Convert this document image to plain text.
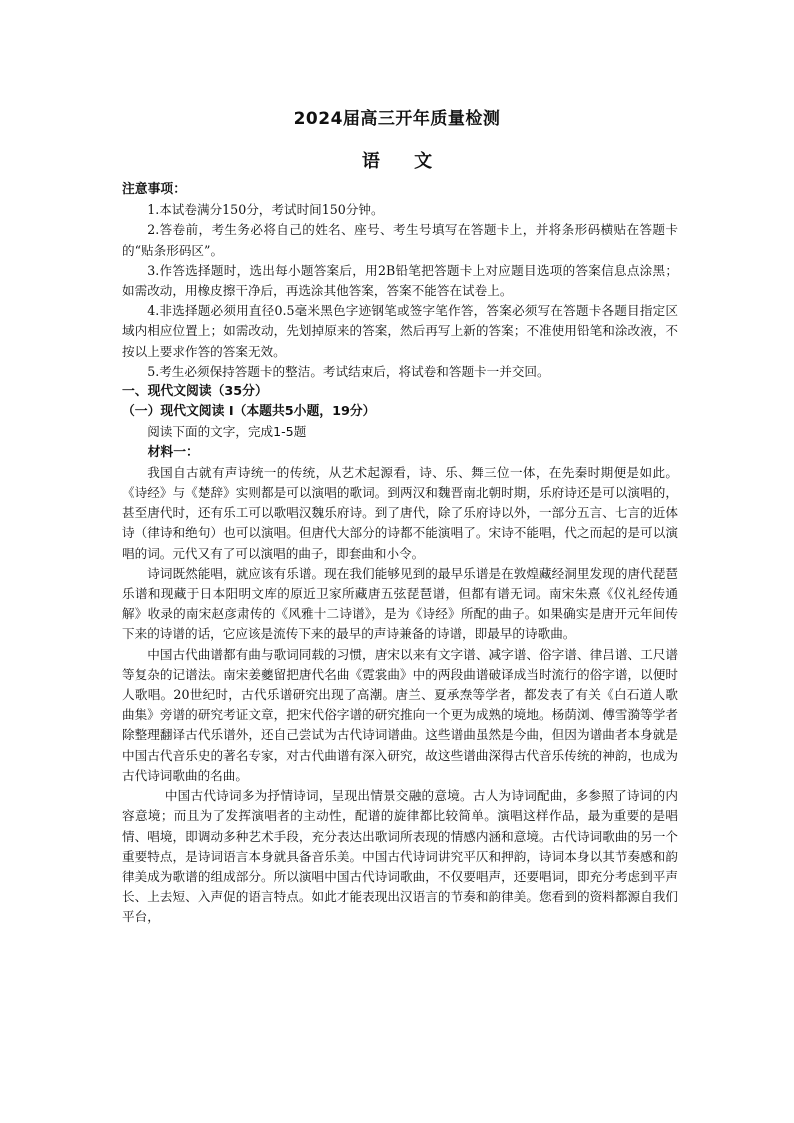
2024届高三开年质量检测
语 文

注意事项：

1.本试卷满分150分，考试时间150分钟。

2.答卷前，考生务必将自己的姓名、座号、考生号填写在答题卡上，并将条形码横贴在答题卡的“贴条形码区”。

3.作答选择题时，选出每小题答案后，用2B铅笔把答题卡上对应题目选项的答案信息点涂黑；如需改动，用橡皮擦干净后，再选涂其他答案，答案不能答在试卷上。

4.非选择题必须用直径0.5毫米黑色字迹钢笔或签字笔作答，答案必须写在答题卡各题目指定区域内相应位置上；如需改动，先划掉原来的答案，然后再写上新的答案；不准使用铅笔和涂改液，不按以上要求作答的答案无效。

5.考生必须保持答题卡的整洁。考试结束后，将试卷和答题卡一并交回。

一、现代文阅读（35分）

（一）现代文阅读 I（本题共5小题，19分）

阅读下面的文字，完成1-5题

材料一：

我国自古就有声诗统一的传统，从艺术起源看，诗、乐、舞三位一体，在先秦时期便是如此。《诗经》与《楚辞》实则都是可以演唱的歌词。到两汉和魏晋南北朝时期，乐府诗还是可以演唱的，甚至唐代时，还有乐工可以歌唱汉魏乐府诗。到了唐代，除了乐府诗以外，一部分五言、七言的近体诗（律诗和绝句）也可以演唱。但唐代大部分的诗都不能演唱了。宋诗不能唱，代之而起的是可以演唱的词。元代又有了可以演唱的曲子，即套曲和小令。

诗词既然能唱，就应该有乐谱。现在我们能够见到的最早乐谱是在敦煌藏经洞里发现的唐代琵琶乐谱和现藏于日本阳明文库的原近卫家所藏唐五弦琵琶谱，但都有谱无词。南宋朱熹《仪礼经传通解》收录的南宋赵彦肃传的《风雅十二诗谱》，是为《诗经》所配的曲子。如果确实是唐开元年间传下来的诗谱的话，它应该是流传下来的最早的声诗兼备的诗谱，即最早的诗歌曲。

中国古代曲谱都有曲与歌词同载的习惯，唐宋以来有文字谱、减字谱、俗字谱、律吕谱、工尺谱等复杂的记谱法。南宋姜夔留把唐代名曲《霓裳曲》中的两段曲谱破译成当时流行的俗字谱，以便时人歌唱。20世纪时，古代乐谱研究出现了高潮。唐兰、夏承焘等学者，都发表了有关《白石道人歌曲集》旁谱的研究考证文章，把宋代俗字谱的研究推向一个更为成熟的境地。杨荫浏、傅雪漪等学者除整理翻译古代乐谱外，还自己尝试为古代诗词谱曲。这些谱曲虽然是今曲，但因为谱曲者本身就是中国古代音乐史的著名专家，对古代曲谱有深入研究，故这些谱曲深得古代音乐传统的神韵，也成为古代诗词歌曲的名曲。

中国古代诗词多为抒情诗词，呈现出情景交融的意境。古人为诗词配曲，多参照了诗词的内容意境；而且为了发挥演唱者的主动性，配谱的旋律都比较简单。演唱这样作品，最为重要的是唱情、唱境，即调动多种艺术手段，充分表达出歌词所表现的情感内涵和意境。古代诗词歌曲的另一个重要特点，是诗词语言本身就具备音乐美。中国古代诗词讲究平仄和押韵，诗词本身以其节奏感和韵律美成为歌谱的组成部分。所以演唱中国古代诗词歌曲，不仅要唱声，还要唱词，即充分考虑到平声长、上去短、入声促的语言特点。如此才能表现出汉语言的节奏和韵律美。您看到的资料都源自我们平台，
